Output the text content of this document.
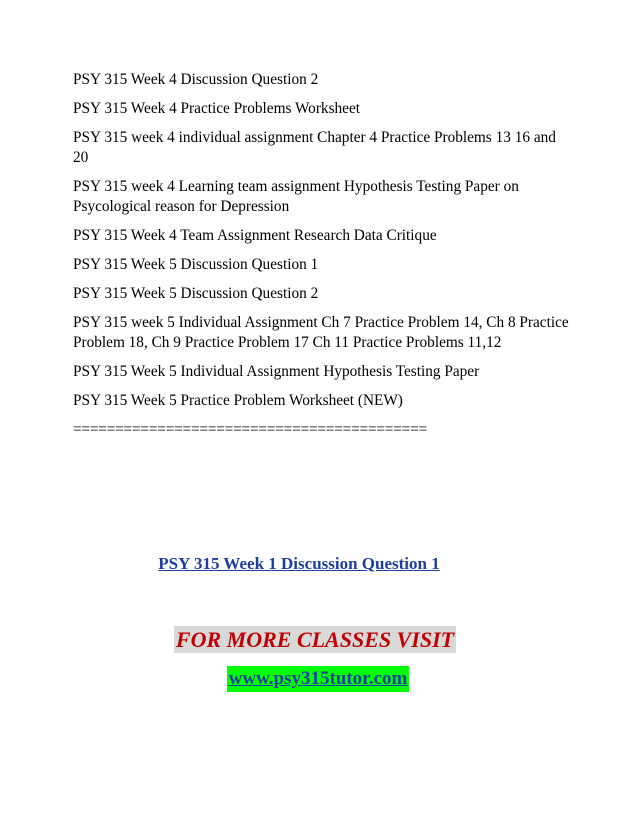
PSY 315 Week 4 Discussion Question 2

PSY 315 Week 4 Practice Problems Worksheet

PSY 315 week 4 individual assignment Chapter 4 Practice Problems 13 16 and 20

PSY 315 week 4 Learning team assignment Hypothesis Testing Paper on Psycological reason for Depression

PSY 315 Week 4 Team Assignment Research Data Critique

PSY 315 Week 5 Discussion Question 1

PSY 315 Week 5 Discussion Question 2

PSY 315 week 5 Individual Assignment Ch 7 Practice Problem 14, Ch 8 Practice Problem 18, Ch 9 Practice Problem 17 Ch 11 Practice Problems 11,12

PSY 315 Week 5 Individual Assignment Hypothesis Testing Paper

PSY 315 Week 5 Practice Problem Worksheet (NEW)

==========================================
PSY 315 Week 1 Discussion Question 1
FOR MORE CLASSES VISIT
www.psy315tutor.com
